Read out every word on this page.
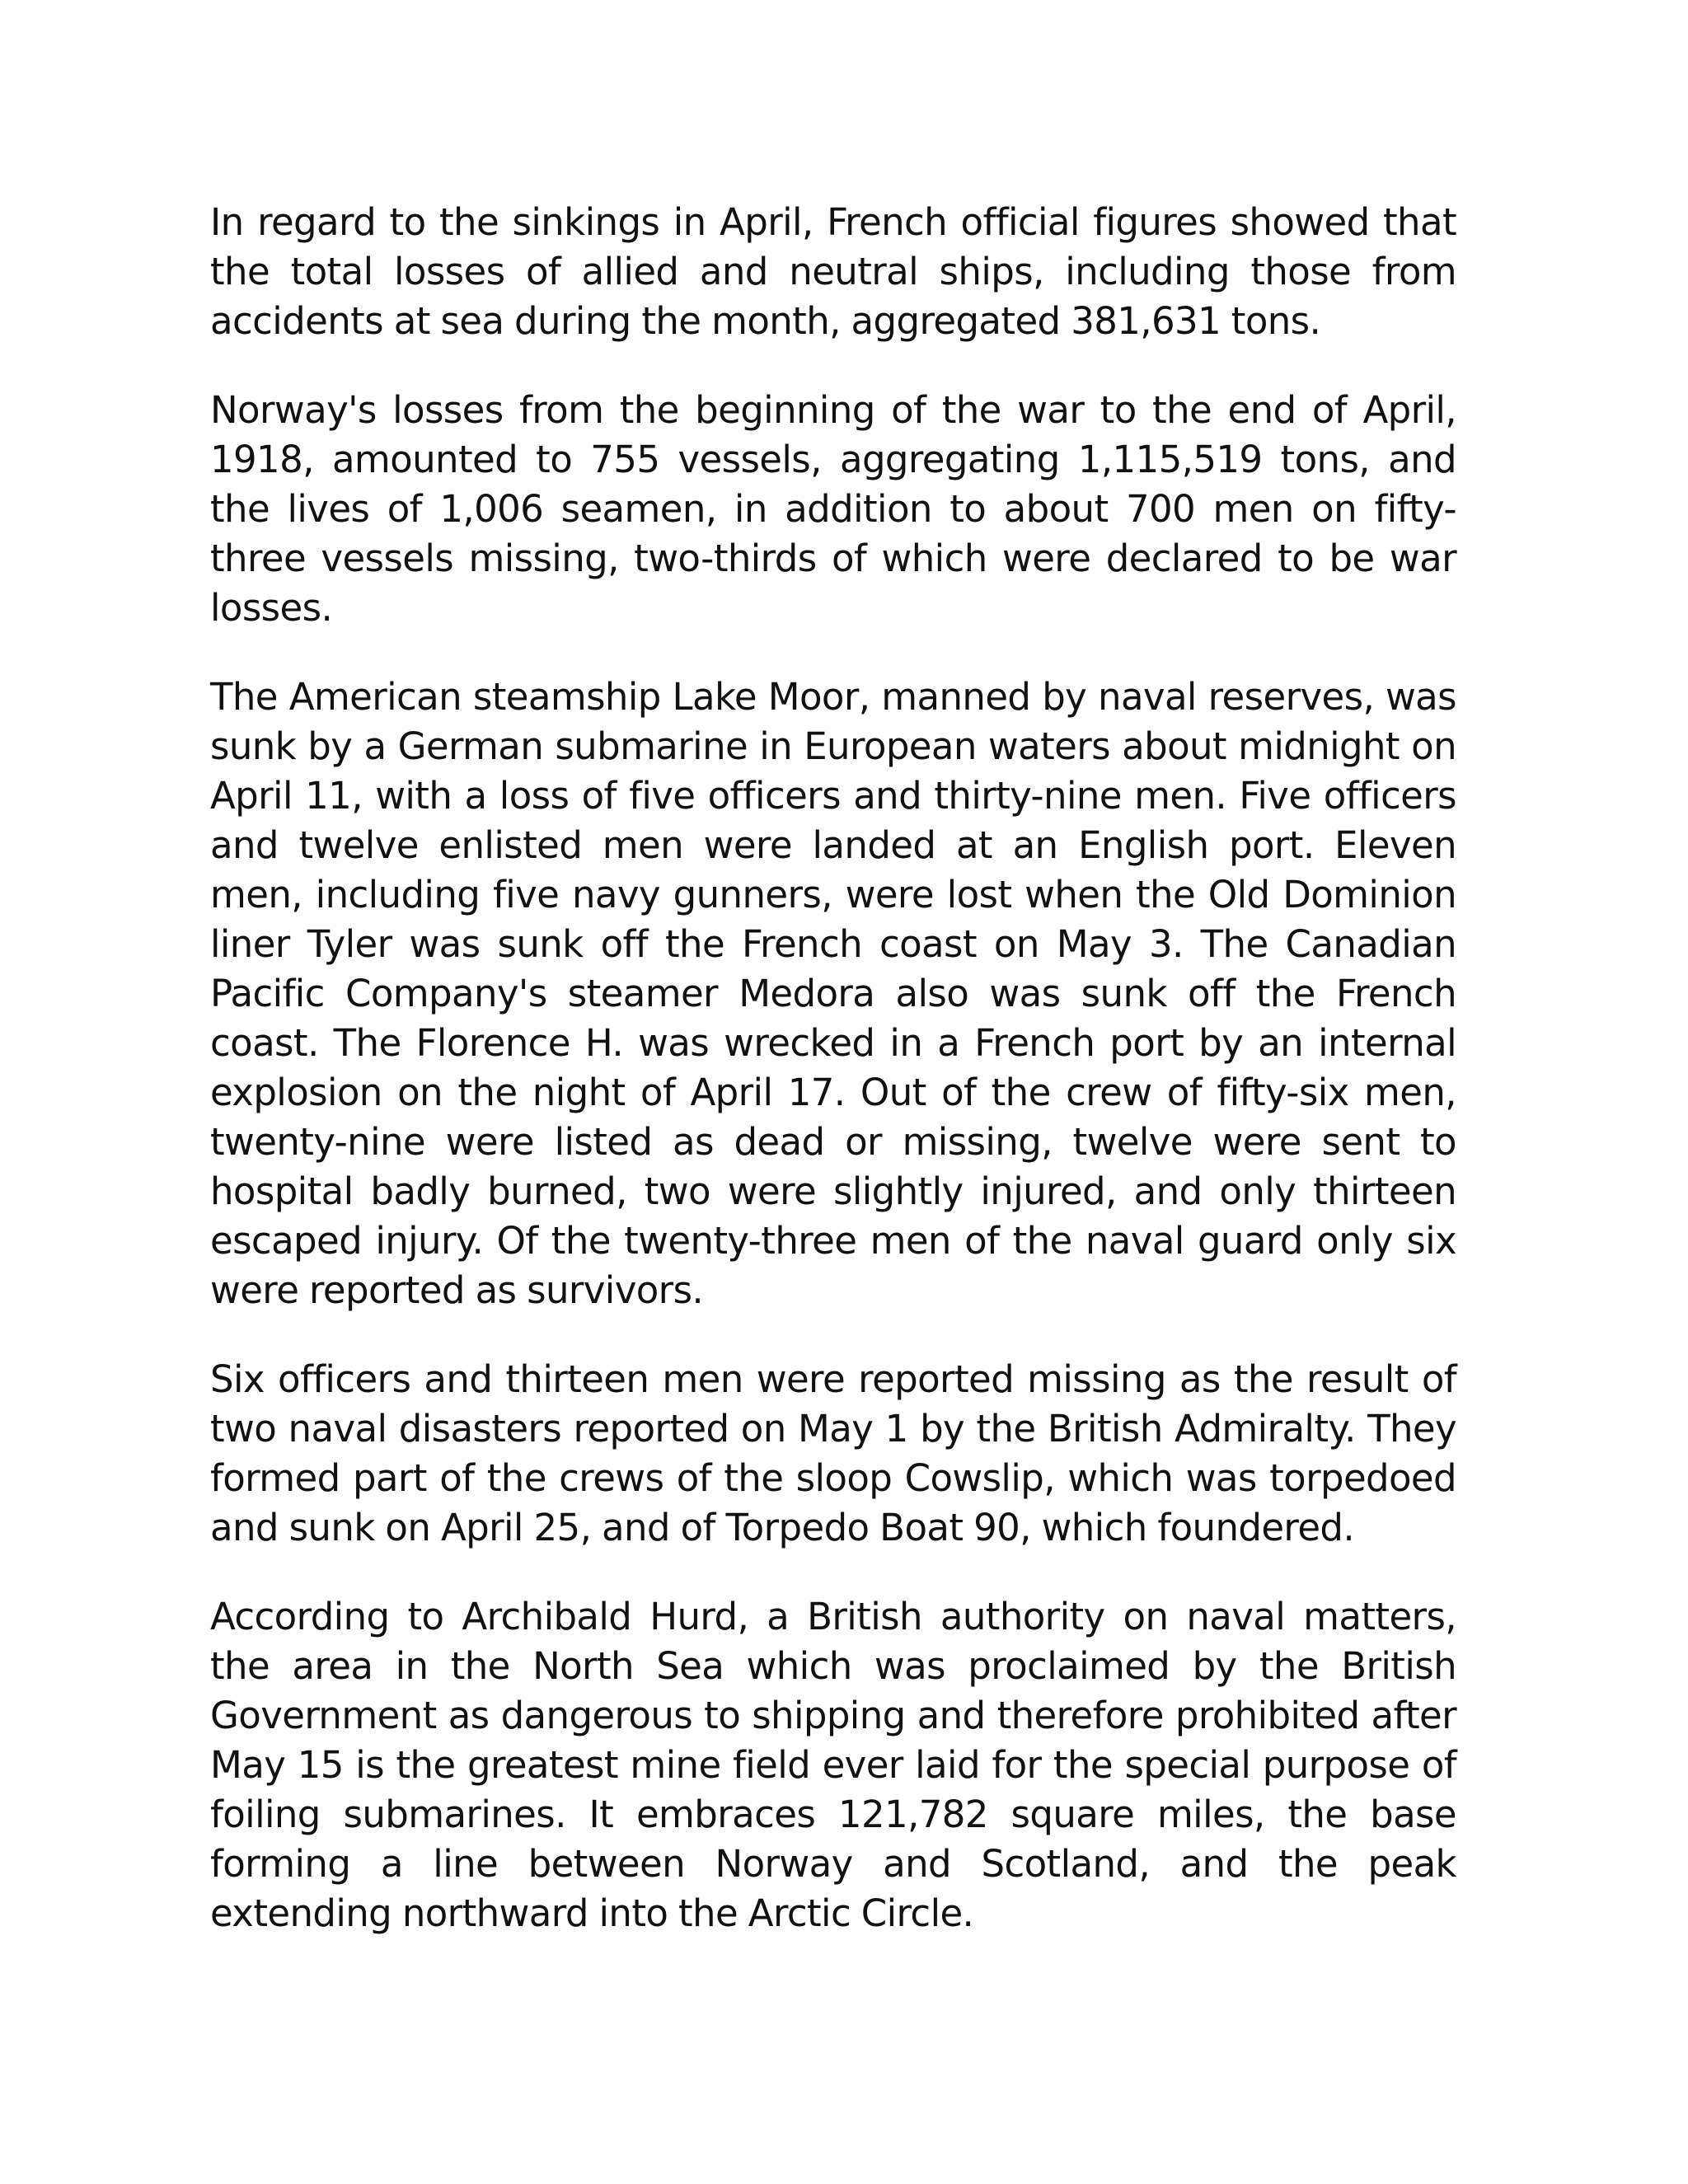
In regard to the sinkings in April, French official figures showed that the total losses of allied and neutral ships, including those from accidents at sea during the month, aggregated 381,631 tons.

Norway's losses from the beginning of the war to the end of April, 1918, amounted to 755 vessels, aggregating 1,115,519 tons, and the lives of 1,006 seamen, in addition to about 700 men on fifty-three vessels missing, two-thirds of which were declared to be war losses.

The American steamship Lake Moor, manned by naval reserves, was sunk by a German submarine in European waters about midnight on April 11, with a loss of five officers and thirty-nine men. Five officers and twelve enlisted men were landed at an English port. Eleven men, including five navy gunners, were lost when the Old Dominion liner Tyler was sunk off the French coast on May 3. The Canadian Pacific Company's steamer Medora also was sunk off the French coast. The Florence H. was wrecked in a French port by an internal explosion on the night of April 17. Out of the crew of fifty-six men, twenty-nine were listed as dead or missing, twelve were sent to hospital badly burned, two were slightly injured, and only thirteen escaped injury. Of the twenty-three men of the naval guard only six were reported as survivors.

Six officers and thirteen men were reported missing as the result of two naval disasters reported on May 1 by the British Admiralty. They formed part of the crews of the sloop Cowslip, which was torpedoed and sunk on April 25, and of Torpedo Boat 90, which foundered.

According to Archibald Hurd, a British authority on naval matters, the area in the North Sea which was proclaimed by the British Government as dangerous to shipping and therefore prohibited after May 15 is the greatest mine field ever laid for the special purpose of foiling submarines. It embraces 121,782 square miles, the base forming a line between Norway and Scotland, and the peak extending northward into the Arctic Circle.
